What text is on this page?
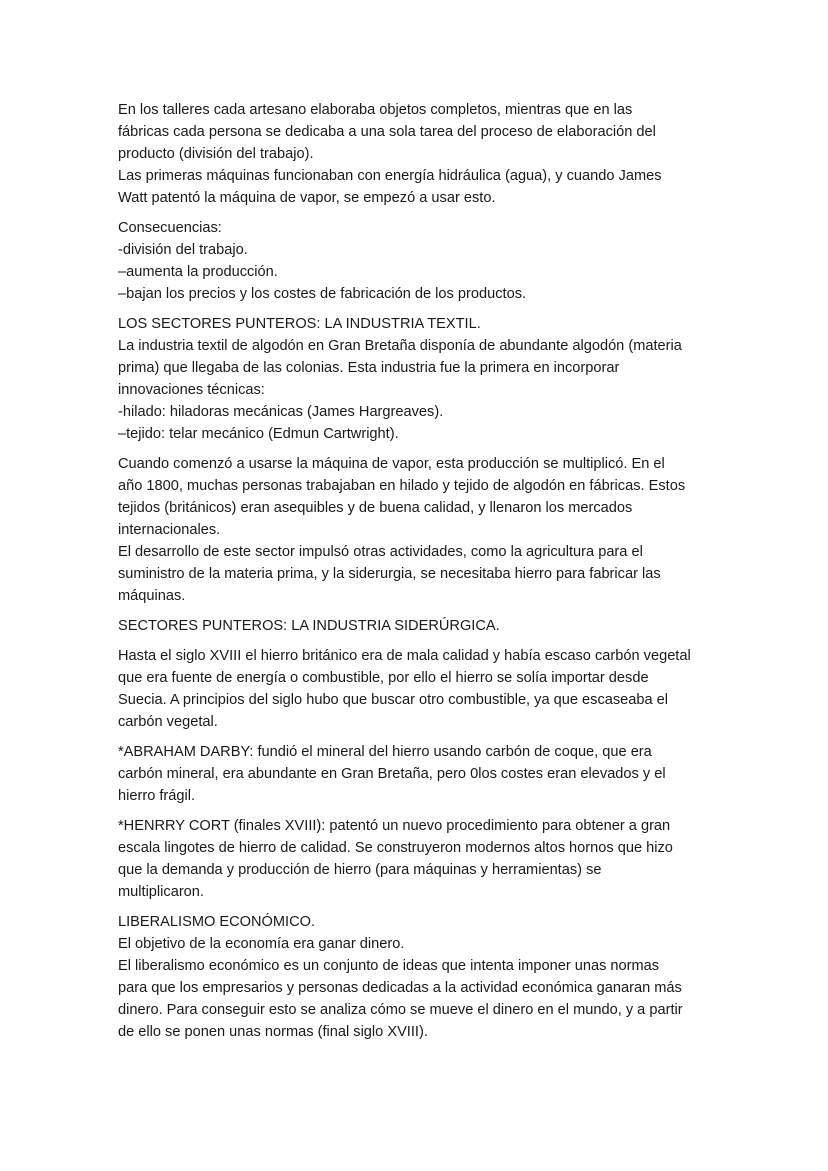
En los talleres cada artesano elaboraba objetos completos, mientras que en las
fábricas cada persona se dedicaba a una sola tarea del proceso de elaboración del
producto (división del trabajo).
Las primeras máquinas funcionaban con energía hidráulica (agua), y cuando James
Watt patentó la máquina de vapor, se empezó a usar esto.
Consecuencias:
-división del trabajo.
–aumenta la producción.
–bajan los precios y los costes de fabricación de los productos.
LOS SECTORES PUNTEROS: LA INDUSTRIA TEXTIL.
La industria textil de algodón en Gran Bretaña disponía de abundante algodón (materia
prima) que llegaba de las colonias. Esta industria fue la primera en incorporar
innovaciones técnicas:
-hilado: hiladoras mecánicas (James Hargreaves).
–tejido: telar mecánico (Edmun Cartwright).
Cuando comenzó a usarse la máquina de vapor, esta producción se multiplicó. En el
año 1800, muchas personas trabajaban en hilado y tejido de algodón en fábricas. Estos
tejidos (británicos) eran asequibles y de buena calidad, y llenaron los mercados
internacionales.
El desarrollo de este sector impulsó otras actividades, como la agricultura para el
suministro de la materia prima, y la siderurgia, se necesitaba hierro para fabricar las
máquinas.
SECTORES PUNTEROS: LA INDUSTRIA SIDERÚRGICA.
Hasta el siglo XVIII el hierro británico era de mala calidad y había escaso carbón vegetal
que era fuente de energía o combustible, por ello el hierro se solía importar desde
Suecia. A principios del siglo hubo que buscar otro combustible, ya que escaseaba el
carbón vegetal.
*ABRAHAM DARBY: fundió el mineral del hierro usando carbón de coque, que era
carbón mineral, era abundante en Gran Bretaña, pero 0los costes eran elevados y el
hierro frágil.
*HENRRY CORT (finales XVIII): patentó un nuevo procedimiento para obtener a gran
escala lingotes de hierro de calidad. Se construyeron modernos altos hornos que hizo
que la demanda y producción de hierro (para máquinas y herramientas) se
multiplicaron.
LIBERALISMO ECONÓMICO.
El objetivo de la economía era ganar dinero.
El liberalismo económico es un conjunto de ideas que intenta imponer unas normas
para que los empresarios y personas dedicadas a la actividad económica ganaran más
dinero. Para conseguir esto se analiza cómo se mueve el dinero en el mundo, y a partir
de ello se ponen unas normas (final siglo XVIII).
